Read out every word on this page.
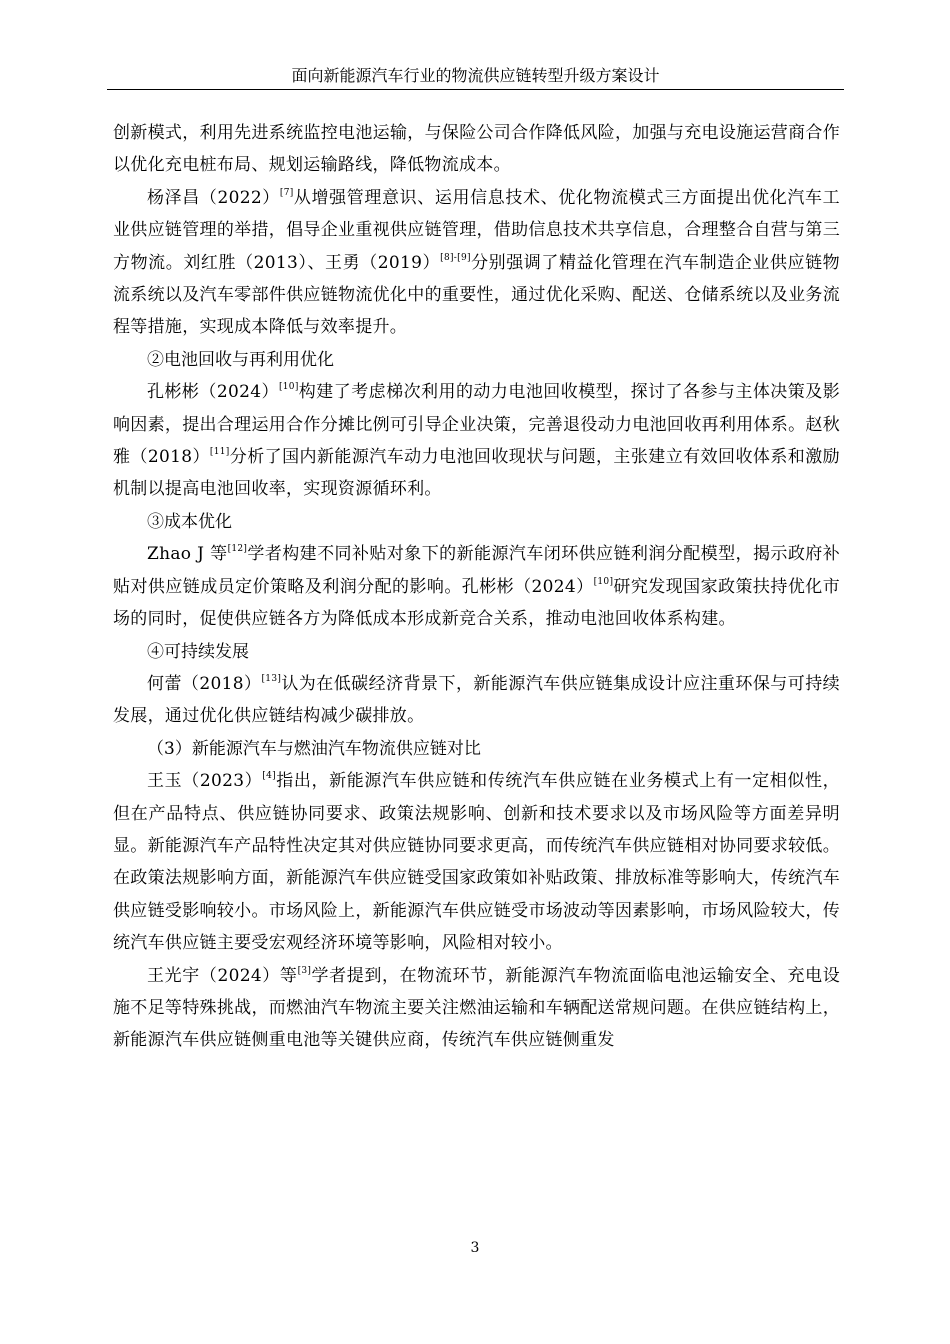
面向新能源汽车行业的物流供应链转型升级方案设计

创新模式，利用先进系统监控电池运输，与保险公司合作降低风险，加强与充电设施运营商合作以优化充电桩布局、规划运输路线，降低物流成本。

杨泽昌（2022）[7]从增强管理意识、运用信息技术、优化物流模式三方面提出优化汽车工业供应链管理的举措，倡导企业重视供应链管理，借助信息技术共享信息，合理整合自营与第三方物流。刘红胜（2013）、王勇（2019）[8]-[9]分别强调了精益化管理在汽车制造企业供应链物流系统以及汽车零部件供应链物流优化中的重要性，通过优化采购、配送、仓储系统以及业务流程等措施，实现成本降低与效率提升。

②电池回收与再利用优化

孔彬彬（2024）[10]构建了考虑梯次利用的动力电池回收模型，探讨了各参与主体决策及影响因素，提出合理运用合作分摊比例可引导企业决策，完善退役动力电池回收再利用体系。赵秋雅（2018）[11]分析了国内新能源汽车动力电池回收现状与问题，主张建立有效回收体系和激励机制以提高电池回收率，实现资源循环利。

③成本优化

Zhao J 等[12]学者构建不同补贴对象下的新能源汽车闭环供应链利润分配模型，揭示政府补贴对供应链成员定价策略及利润分配的影响。孔彬彬（2024）[10]研究发现国家政策扶持优化市场的同时，促使供应链各方为降低成本形成新竞合关系，推动电池回收体系构建。

④可持续发展

何蕾（2018）[13]认为在低碳经济背景下，新能源汽车供应链集成设计应注重环保与可持续发展，通过优化供应链结构减少碳排放。

（3）新能源汽车与燃油汽车物流供应链对比

王玉（2023）[4]指出，新能源汽车供应链和传统汽车供应链在业务模式上有一定相似性，但在产品特点、供应链协同要求、政策法规影响、创新和技术要求以及市场风险等方面差异明显。新能源汽车产品特性决定其对供应链协同要求更高，而传统汽车供应链相对协同要求较低。在政策法规影响方面，新能源汽车供应链受国家政策如补贴政策、排放标准等影响大，传统汽车供应链受影响较小。市场风险上，新能源汽车供应链受市场波动等因素影响，市场风险较大，传统汽车供应链主要受宏观经济环境等影响，风险相对较小。

王光宇（2024）等[3]学者提到，在物流环节，新能源汽车物流面临电池运输安全、充电设施不足等特殊挑战，而燃油汽车物流主要关注燃油运输和车辆配送常规问题。在供应链结构上，新能源汽车供应链侧重电池等关键供应商，传统汽车供应链侧重发

3
